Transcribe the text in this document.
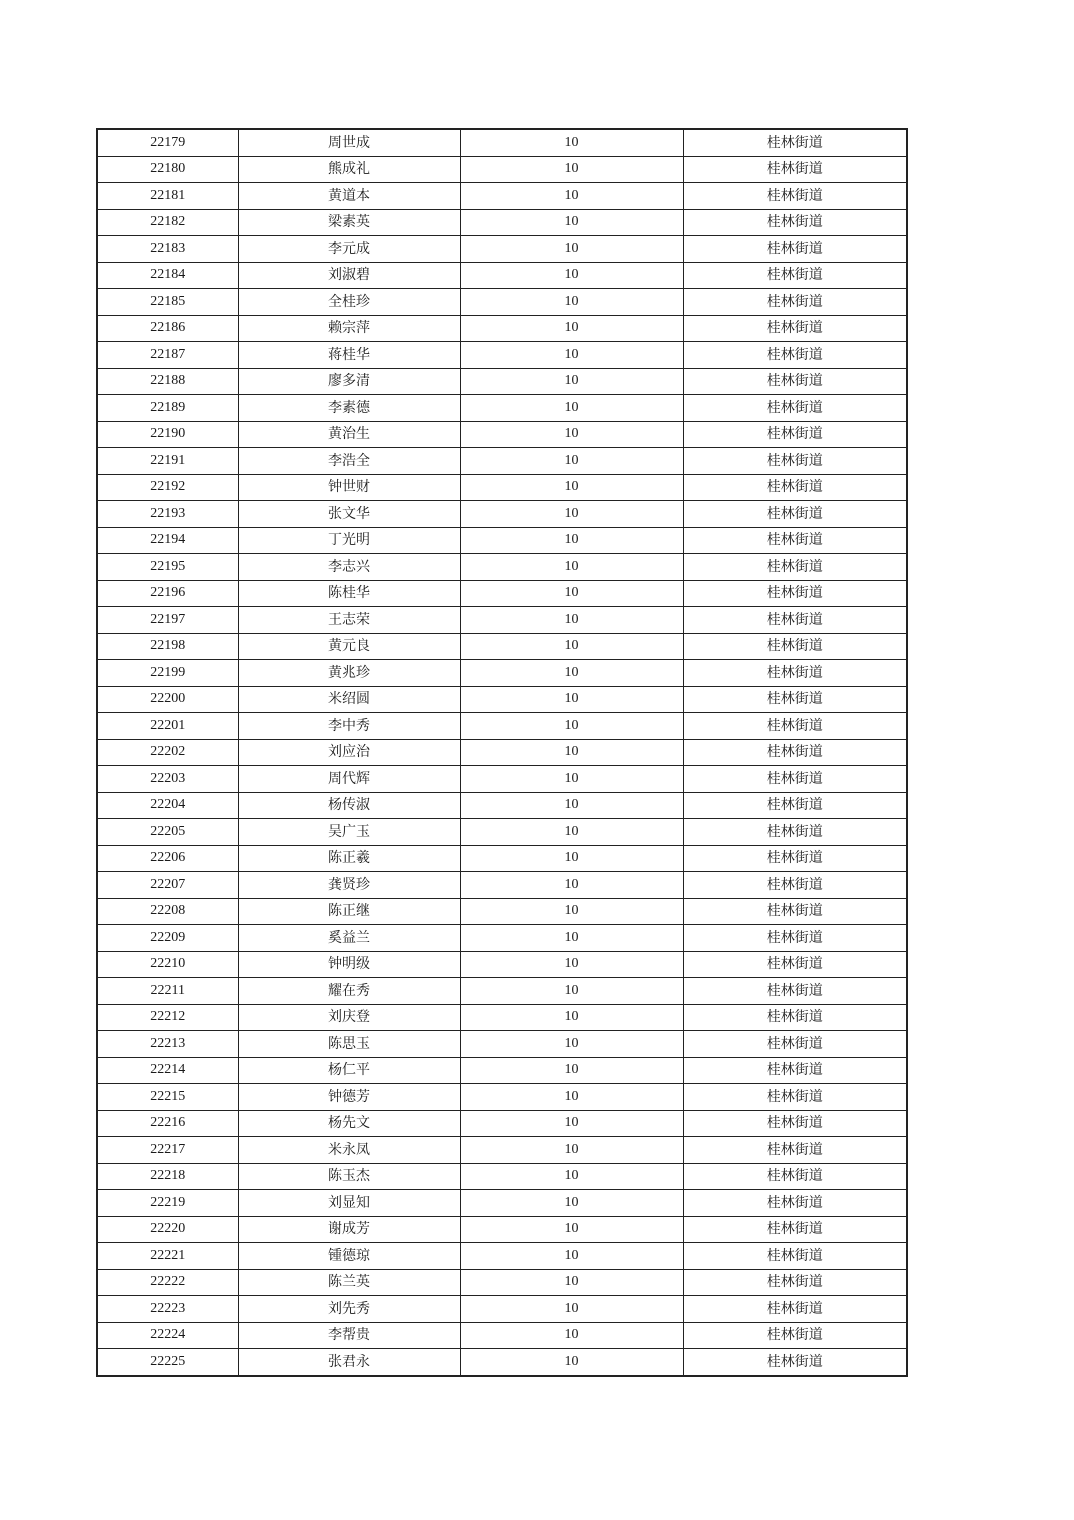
22179	周世成	10	桂林街道
22180	熊成礼	10	桂林街道
22181	黄道本	10	桂林街道
22182	梁素英	10	桂林街道
22183	李元成	10	桂林街道
22184	刘淑碧	10	桂林街道
22185	全桂珍	10	桂林街道
22186	赖宗萍	10	桂林街道
22187	蒋桂华	10	桂林街道
22188	廖多清	10	桂林街道
22189	李素德	10	桂林街道
22190	黄治生	10	桂林街道
22191	李浩全	10	桂林街道
22192	钟世财	10	桂林街道
22193	张文华	10	桂林街道
22194	丁光明	10	桂林街道
22195	李志兴	10	桂林街道
22196	陈桂华	10	桂林街道
22197	王志荣	10	桂林街道
22198	黄元良	10	桂林街道
22199	黄兆珍	10	桂林街道
22200	米绍圆	10	桂林街道
22201	李中秀	10	桂林街道
22202	刘应治	10	桂林街道
22203	周代辉	10	桂林街道
22204	杨传淑	10	桂林街道
22205	吴广玉	10	桂林街道
22206	陈正羲	10	桂林街道
22207	龚贤珍	10	桂林街道
22208	陈正继	10	桂林街道
22209	奚益兰	10	桂林街道
22210	钟明级	10	桂林街道
22211	耀在秀	10	桂林街道
22212	刘庆登	10	桂林街道
22213	陈思玉	10	桂林街道
22214	杨仁平	10	桂林街道
22215	钟德芳	10	桂林街道
22216	杨先文	10	桂林街道
22217	米永凤	10	桂林街道
22218	陈玉杰	10	桂林街道
22219	刘显知	10	桂林街道
22220	谢成芳	10	桂林街道
22221	锺德琼	10	桂林街道
22222	陈兰英	10	桂林街道
22223	刘先秀	10	桂林街道
22224	李帮贵	10	桂林街道
22225	张君永	10	桂林街道
